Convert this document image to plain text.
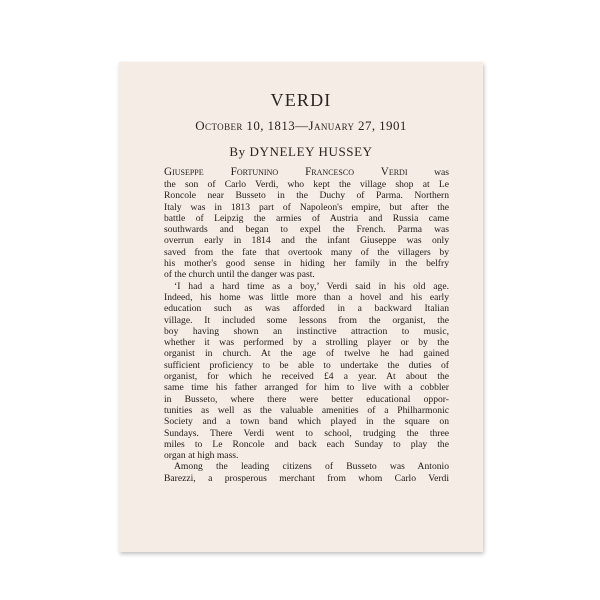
VERDI
October 10, 1813—January 27, 1901
By DYNELEY HUSSEY
Giuseppe Fortunino Francesco Verdi was
the son of Carlo Verdi, who kept the village shop at Le
Roncole near Busseto in the Duchy of Parma. Northern
Italy was in 1813 part of Napoleon's empire, but after the
battle of Leipzig the armies of Austria and Russia came
southwards and began to expel the French. Parma was
overrun early in 1814 and the infant Giuseppe was only
saved from the fate that overtook many of the villagers by
his mother's good sense in hiding her family in the belfry
of the church until the danger was past.
‘I had a hard time as a boy,’ Verdi said in his old age.
Indeed, his home was little more than a hovel and his early
education such as was afforded in a backward Italian
village. It included some lessons from the organist, the
boy having shown an instinctive attraction to music,
whether it was performed by a strolling player or by the
organist in church. At the age of twelve he had gained
sufficient proficiency to be able to undertake the duties of
organist, for which he received £4 a year. At about the
same time his father arranged for him to live with a cobbler
in Busseto, where there were better educational oppor-
tunities as well as the valuable amenities of a Philharmonic
Society and a town band which played in the square on
Sundays. There Verdi went to school, trudging the three
miles to Le Roncole and back each Sunday to play the
organ at high mass.
Among the leading citizens of Busseto was Antonio
Barezzi, a prosperous merchant from whom Carlo Verdi
